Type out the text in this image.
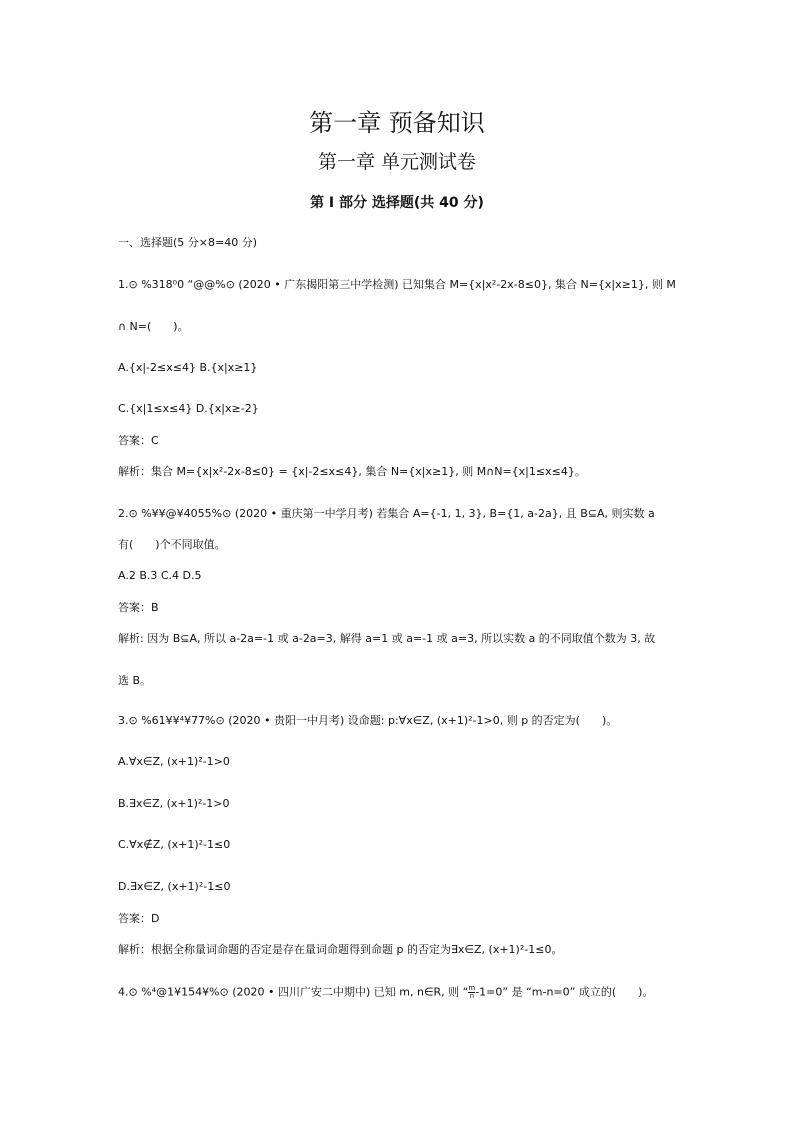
第一章 预备知识
第一章 单元测试卷
第 Ⅰ 部分 选择题(共 40 分)
一、选择题(5 分×8=40 分)
1.⊙ %318⁰0 “@@%⊙ (2020 • 广东揭阳第三中学检测) 已知集合 M={x|x²-2x-8≤0}, 集合 N={x|x≥1}, 则 M
∩ N=(　　)。
A.{x|-2≤x≤4} B.{x|x≥1}
C.{x|1≤x≤4} D.{x|x≥-2}
答案：C
解析：集合 M={x|x²-2x-8≤0} = {x|-2≤x≤4}, 集合 N={x|x≥1}, 则 M∩N={x|1≤x≤4}。
2.⊙ %¥¥@¥4055%⊙ (2020 • 重庆第一中学月考) 若集合 A={-1, 1, 3}, B={1, a-2a}, 且 B⊆A, 则实数 a
有(　　)个不同取值。
A.2 B.3 C.4 D.5
答案：B
解析: 因为 B⊆A, 所以 a-2a=-1 或 a-2a=3, 解得 a=1 或 a=-1 或 a=3, 所以实数 a 的不同取值个数为 3, 故
选 B。
3.⊙ %61¥¥⁴¥77%⊙ (2020 • 贵阳一中月考) 设命题: p:∀x∈Z, (x+1)²-1>0, 则 p 的否定为(　　)。
A.∀x∈Z, (x+1)²-1>0
B.∃x∈Z, (x+1)²-1>0
C.∀x∉Z, (x+1)²-1≤0
D.∃x∈Z, (x+1)²-1≤0
答案：D
解析：根据全称量词命题的否定是存在量词命题得到命题 p 的否定为∃x∈Z, (x+1)²-1≤0。
4.⊙ %⁴@1¥154¥%⊙ (2020 • 四川广安二中期中) 已知 m, n∈R, 则 “ $\frac{m}{n} -1=0$” 是 “m-n=0” 成立的(　　)。
